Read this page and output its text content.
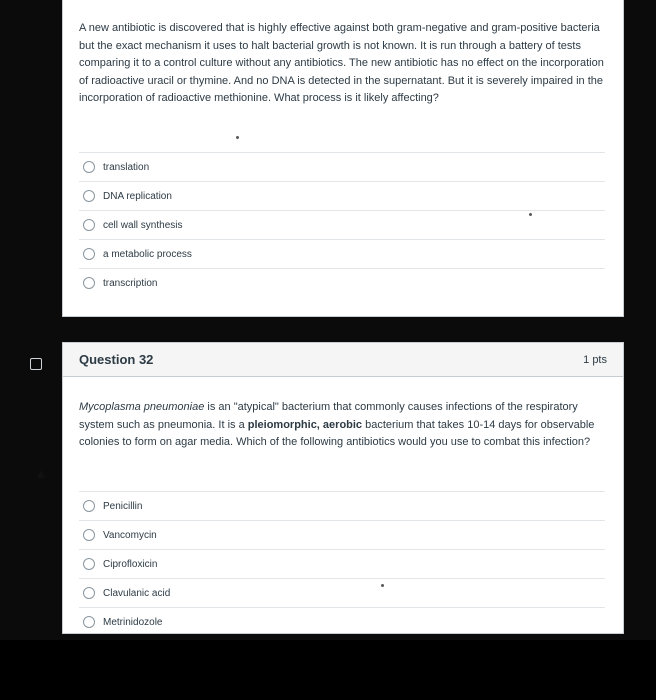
A new antibiotic is discovered that is highly effective against both gram-negative and gram-positive bacteria but the exact mechanism it uses to halt bacterial growth is not known. It is run through a battery of tests comparing it to a control culture without any antibiotics. The new antibiotic has no effect on the incorporation of radioactive uracil or thymine. And no DNA is detected in the supernatant. But it is severely impaired in the incorporation of radioactive methionine. What process is it likely affecting?

translation
DNA replication
cell wall synthesis
a metabolic process
transcription
Question 32	1 pts

Mycoplasma pneumoniae is an "atypical" bacterium that commonly causes infections of the respiratory system such as pneumonia. It is a pleiomorphic, aerobic bacterium that takes 10-14 days for observable colonies to form on agar media. Which of the following antibiotics would you use to combat this infection?

Penicillin
Vancomycin
Ciprofloxicin
Clavulanic acid
Metrinidozole
